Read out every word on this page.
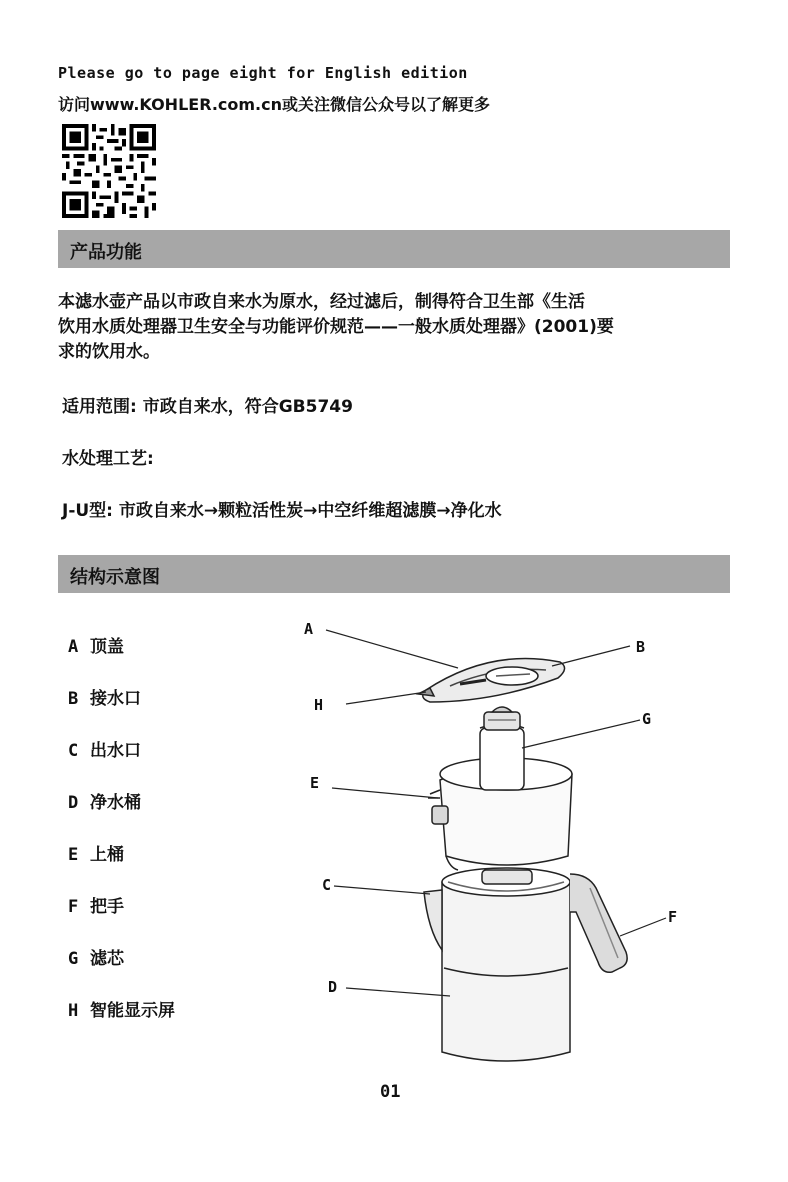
Please go to page eight for English edition
访问www.KOHLER.com.cn或关注微信公众号以了解更多
产品功能
本滤水壶产品以市政自来水为原水，经过滤后，制得符合卫生部《生活
饮用水质处理器卫生安全与功能评价规范——一般水质处理器》(2001)要
求的饮用水。
适用范围: 市政自来水，符合GB5749
水处理工艺:
J-U型: 市政自来水→颗粒活性炭→中空纤维超滤膜→净化水
结构示意图
A 顶盖
B 接水口
C 出水口
D 净水桶
E 上桶
F 把手
G 滤芯
H 智能显示屏
A
B
H
G
E
C
F
D
01
